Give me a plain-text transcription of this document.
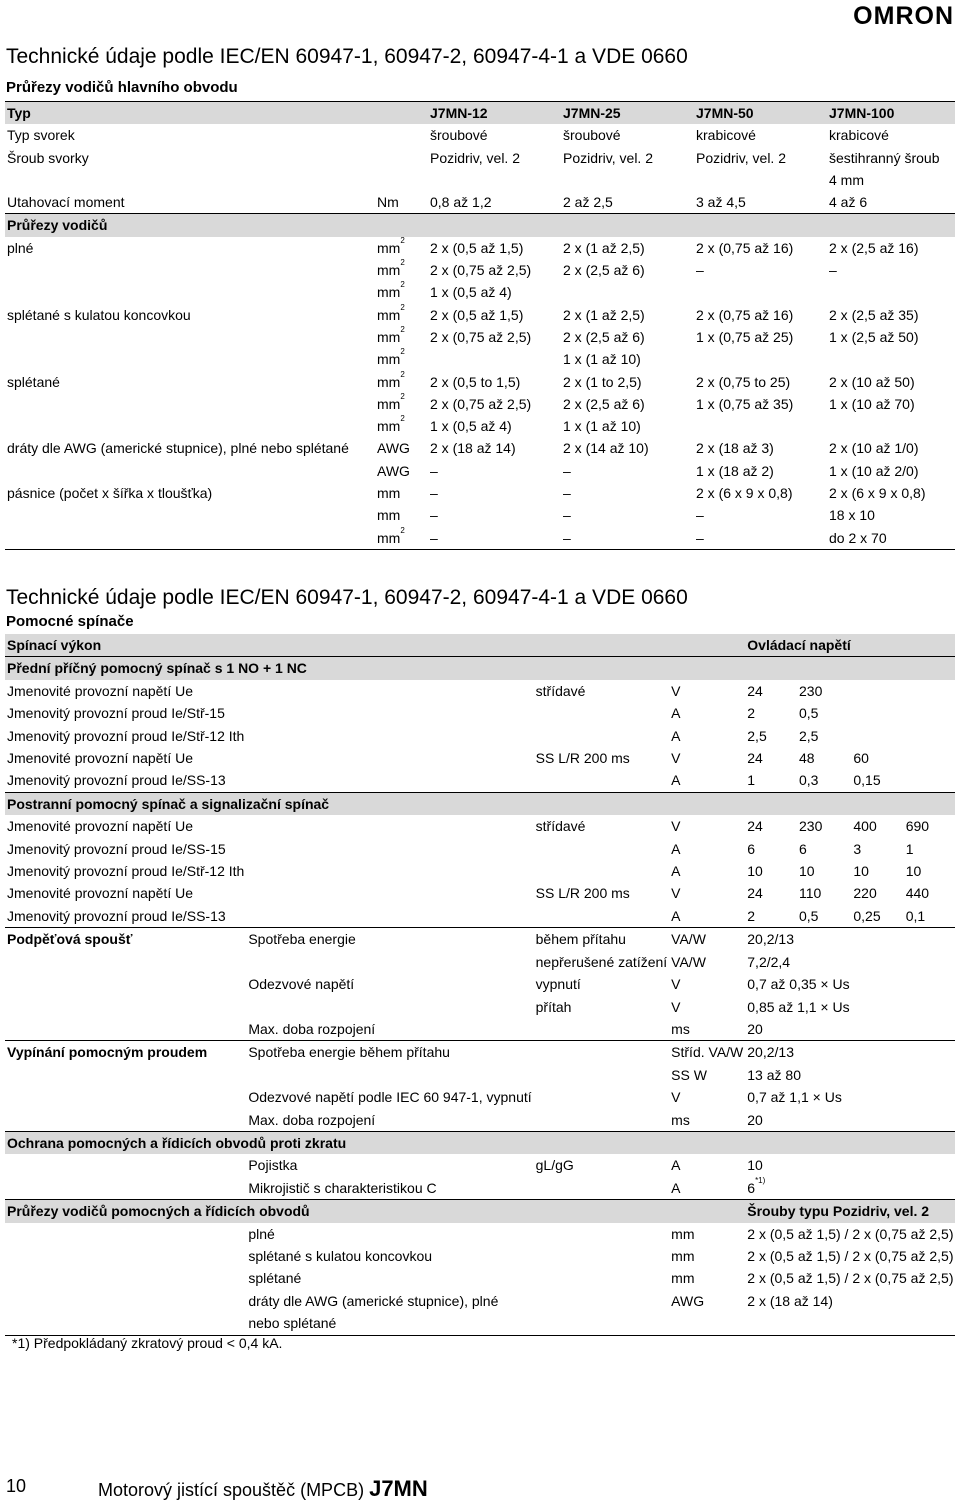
OMRON
Technické údaje podle IEC/EN 60947-1, 60947-2, 60947-4-1 a VDE 0660
Průřezy vodičů hlavního obvodu
Typ		J7MN-12	J7MN-25	J7MN-50	J7MN-100
Typ svorek		šroubové	šroubové	krabicové	krabicové
Šroub svorky		Pozidriv, vel. 2	Pozidriv, vel. 2	Pozidriv, vel. 2	šestihranný šroub
					4 mm
Utahovací moment	Nm	0,8 až 1,2	2 až 2,5	3 až 4,5	4 až 6
Průřezy vodičů					
plné	$mm^2$	2 x (0,5 až 1,5)	2 x (1 až 2,5)	2 x (0,75 až 16)	2 x (2,5 až 16)
	$mm^2$	2 x (0,75 až 2,5)	2 x (2,5 až 6)	–	–
	$mm^2$	1 x (0,5 až 4)			
splétané s kulatou koncovkou	$mm^2$	2 x (0,5 až 1,5)	2 x (1 až 2,5)	2 x (0,75 až 16)	2 x (2,5 až 35)
	$mm^2$	2 x (0,75 až 2,5)	2 x (2,5 až 6)	1 x (0,75 až 25)	1 x (2,5 až 50)
	$mm^2$		1 x (1 až 10)		
splétané	$mm^2$	2 x (0,5 to 1,5)	2 x (1 to 2,5)	2 x (0,75 to 25)	2 x (10 až 50)
	$mm^2$	2 x (0,75 až 2,5)	2 x (2,5 až 6)	1 x (0,75 až 35)	1 x (10 až 70)
	$mm^2$	1 x (0,5 až 4)	1 x (1 až 10)		
dráty dle AWG (americké stupnice), plné nebo splétané	AWG	2 x (18 až 14)	2 x (14 až 10)	2 x (18 až 3)	2 x (10 až 1/0)
	AWG	–	–	1 x (18 až 2)	1 x (10 až 2/0)
pásnice (počet x šířka x tloušťka)	mm	–	–	2 x (6 x 9 x 0,8)	2 x (6 x 9 x 0,8)
	mm	–	–	–	18 x 10
	$mm^2$	–	–	–	do 2 x 70
Technické údaje podle IEC/EN 60947-1, 60947-2, 60947-4-1 a VDE 0660
Pomocné spínače
Spínací výkon				Ovládací napětí			
Přední příčný pomocný spínač s 1 NO + 1 NC							
Jmenovité provozní napětí Ue		střídavé	V	24	230		
Jmenovitý provozní proud Ie/Stř-15			A	2	0,5		
Jmenovitý provozní proud Ie/Stř-12 Ith			A	2,5	2,5		
Jmenovité provozní napětí Ue		SS L/R 200 ms	V	24	48	60	
Jmenovitý provozní proud Ie/SS-13			A	1	0,3	0,15	
Postranní pomocný spínač a signalizační spínač							
Jmenovité provozní napětí Ue		střídavé	V	24	230	400	690
Jmenovitý provozní proud Ie/SS-15			A	6	6	3	1
Jmenovitý provozní proud Ie/Stř-12 Ith			A	10	10	10	10
Jmenovité provozní napětí Ue		SS L/R 200 ms	V	24	110	220	440
Jmenovitý provozní proud Ie/SS-13			A	2	0,5	0,25	0,1
Podpěťová spoušť	Spotřeba energie	během přítahu	VA/W	20,2/13			
		nepřerušené zatížení	VA/W	7,2/2,4			
	Odezvové napětí	vypnutí	V	0,7 až 0,35 × Us			
		přítah	V	0,85 až 1,1 × Us			
	Max. doba rozpojení		ms	20			
Vypínání pomocným proudem	Spotřeba energie během přítahu		Stříd. VA/W	20,2/13			
			SS W	13 až 80			
	Odezvové napětí podle IEC 60 947-1, vypnutí		V	0,7 až 1,1 × Us			
	Max. doba rozpojení		ms	20			
Ochrana pomocných a řídicích obvodů proti zkratu							
	Pojistka	gL/gG	A	10			
	Mikrojistič s charakteristikou C		A	6$^{*1)}$
Průřezy vodičů pomocných a řídicích obvodů				Šrouby typu Pozidriv, vel. 2			
	plné		mm	2 x (0,5 až 1,5) / 2 x (0,75 až 2,5)			
	splétané s kulatou koncovkou		mm	2 x (0,5 až 1,5) / 2 x (0,75 až 2,5)			
	splétané		mm	2 x (0,5 až 1,5) / 2 x (0,75 až 2,5)			
	dráty dle AWG (americké stupnice), plné		AWG	2 x (18 až 14)			
	nebo splétané						
*1) Předpokládaný zkratový proud < 0,4 kA.
10	Motorový jistící spouštěč (MPCB) J7MN
